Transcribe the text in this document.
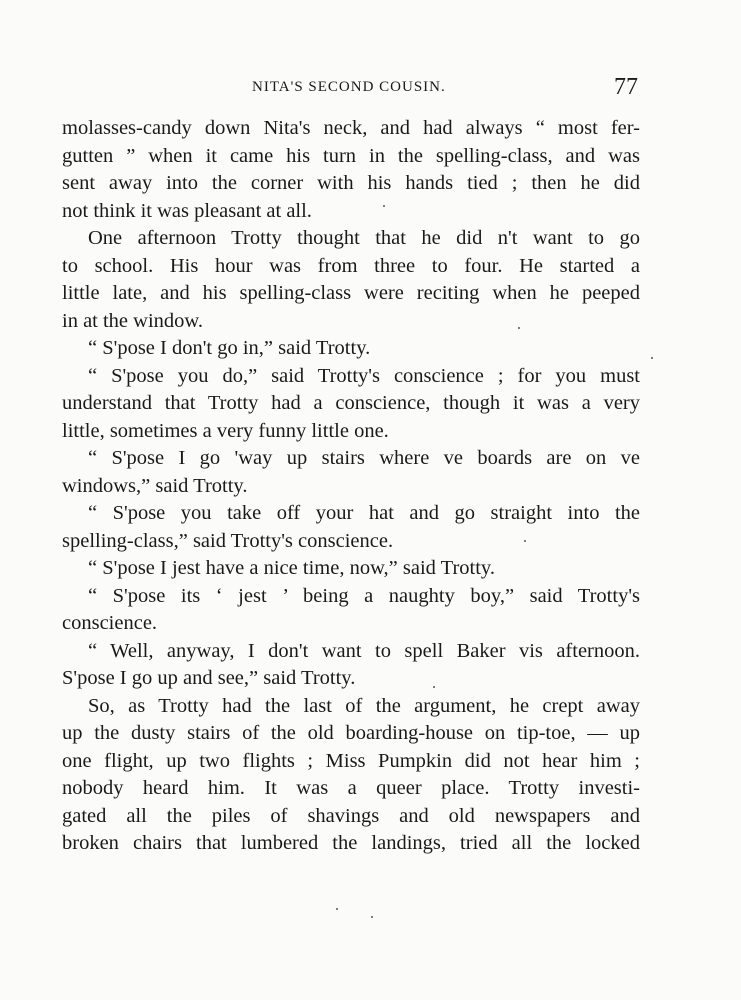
NITA'S SECOND COUSIN.	77
molasses-candy down Nita's neck, and had always “ most fer-
gutten ” when it came his turn in the spelling-class, and was
sent away into the corner with his hands tied ; then he did
not think it was pleasant at all.
One afternoon Trotty thought that he did n't want to go
to school. His hour was from three to four. He started a
little late, and his spelling-class were reciting when he peeped
in at the window.
“ S'pose I don't go in,” said Trotty.
“ S'pose you do,” said Trotty's conscience ; for you must
understand that Trotty had a conscience, though it was a very
little, sometimes a very funny little one.
“ S'pose I go 'way up stairs where ve boards are on ve
windows,” said Trotty.
“ S'pose you take off your hat and go straight into the
spelling-class,” said Trotty's conscience.
“ S'pose I jest have a nice time, now,” said Trotty.
“ S'pose its ‘ jest ’ being a naughty boy,” said Trotty's
conscience.
“ Well, anyway, I don't want to spell Baker vis afternoon.
S'pose I go up and see,” said Trotty.
So, as Trotty had the last of the argument, he crept away
up the dusty stairs of the old boarding-house on tip-toe, — up
one flight, up two flights ; Miss Pumpkin did not hear him ;
nobody heard him. It was a queer place. Trotty investi-
gated all the piles of shavings and old newspapers and
broken chairs that lumbered the landings, tried all the locked
